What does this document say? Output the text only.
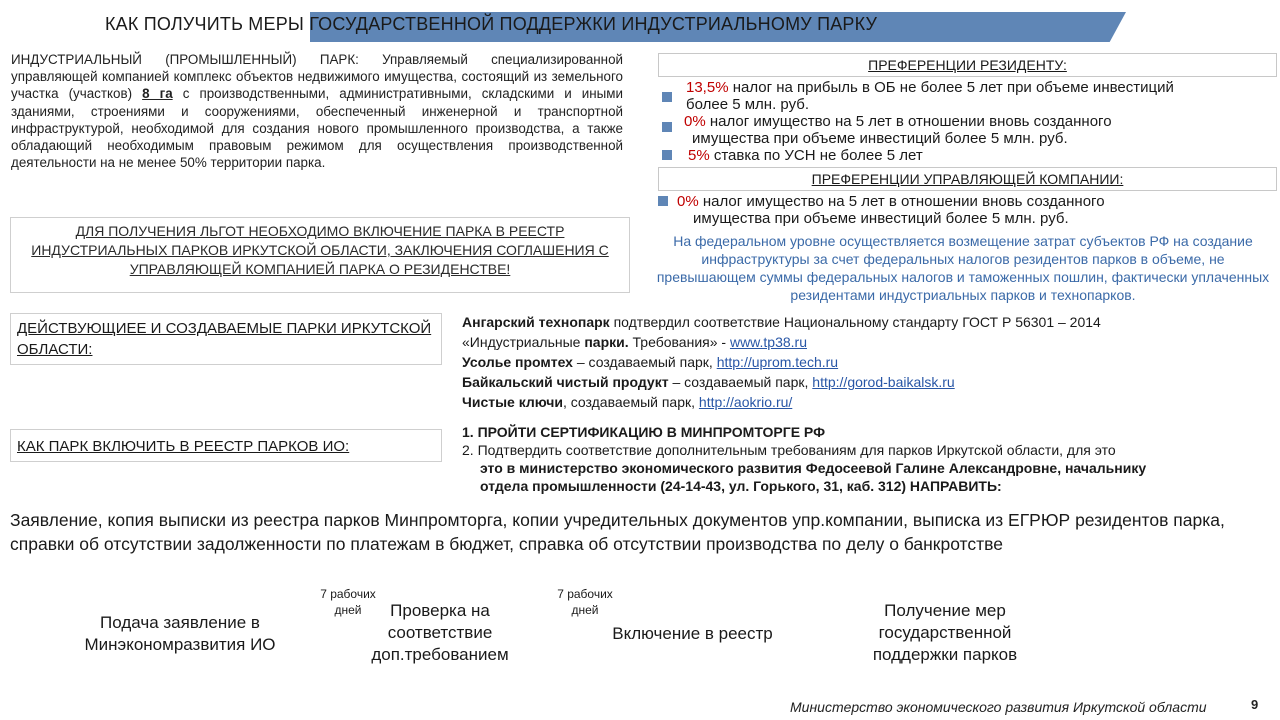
КАК ПОЛУЧИТЬ МЕРЫ ГОСУДАРСТВЕННОЙ ПОДДЕРЖКИ ИНДУСТРИАЛЬНОМУ ПАРКУ
ИНДУСТРИАЛЬНЫЙ (ПРОМЫШЛЕННЫЙ) ПАРК: Управляемый специализированной управляющей компанией комплекс объектов недвижимого имущества, состоящий из земельного участка (участков) 8 га с производственными, административными, складскими и иными зданиями, строениями и сооружениями, обеспеченный инженерной и транспортной инфраструктурой, необходимой для создания нового промышленного производства, а также обладающий необходимым правовым режимом для осуществления производственной деятельности на не менее 50% территории парка.
ДЛЯ ПОЛУЧЕНИЯ ЛЬГОТ НЕОБХОДИМО ВКЛЮЧЕНИЕ ПАРКА В РЕЕСТР ИНДУСТРИАЛЬНЫХ ПАРКОВ ИРКУТСКОЙ ОБЛАСТИ, ЗАКЛЮЧЕНИЯ СОГЛАШЕНИЯ С УПРАВЛЯЮЩЕЙ КОМПАНИЕЙ ПАРКА О РЕЗИДЕНСТВЕ!
ПРЕФЕРЕНЦИИ РЕЗИДЕНТУ:
13,5% налог на прибыль в ОБ не более 5 лет при объеме инвестиций
более 5 млн. руб.
0% налог имущество на 5 лет в отношении вновь созданного
имущества при объеме инвестиций более 5 млн. руб.
5% ставка по УСН не более 5 лет
ПРЕФЕРЕНЦИИ УПРАВЛЯЮЩЕЙ КОМПАНИИ:
0% налог имущество на 5 лет в отношении вновь созданного
имущества при объеме инвестиций более 5 млн. руб.
На федеральном уровне осуществляется возмещение затрат субъектов РФ на создание инфраструктуры за счет федеральных налогов резидентов парков в объеме, не превышающем суммы федеральных налогов и таможенных пошлин, фактически уплаченных резидентами индустриальных парков и технопарков.
ДЕЙСТВУЮЩИЕЕ И СОЗДАВАЕМЫЕ ПАРКИ ИРКУТСКОЙ ОБЛАСТИ:
Ангарский технопарк подтвердил соответствие Национальному стандарту ГОСТ Р 56301 – 2014
«Индустриальные парки. Требования» - www.tp38.ru
Усолье промтех – создаваемый парк, http://uprom.tech.ru
Байкальский чистый продукт – создаваемый парк, http://gorod-baikalsk.ru
Чистые ключи, создаваемый парк, http://aokrio.ru/
КАК ПАРК ВКЛЮЧИТЬ В РЕЕСТР ПАРКОВ ИО:
1. ПРОЙТИ СЕРТИФИКАЦИЮ В МИНПРОМТОРГЕ РФ
2. Подтвердить соответствие дополнительным требованиям для парков Иркутской области, для это
это в министерство экономического развития Федосеевой Галине Александровне, начальнику
отдела промышленности (24-14-43, ул. Горького, 31, каб. 312) НАПРАВИТЬ:
Заявление, копия выписки из реестра парков Минпромторга, копии учредительных документов упр.компании, выписка из ЕГРЮР резидентов парка, справки об отсутствии задолженности по платежам в бюджет, справка об отсутствии производства по делу о банкротстве
Подача заявление в Минэкономразвития ИО
7 рабочих дней	Проверка на соответствие доп.требованием
7 рабочих дней
Включение в реестр
Получение мер государственной поддержки парков
Министерство экономического развития Иркутской области	9
